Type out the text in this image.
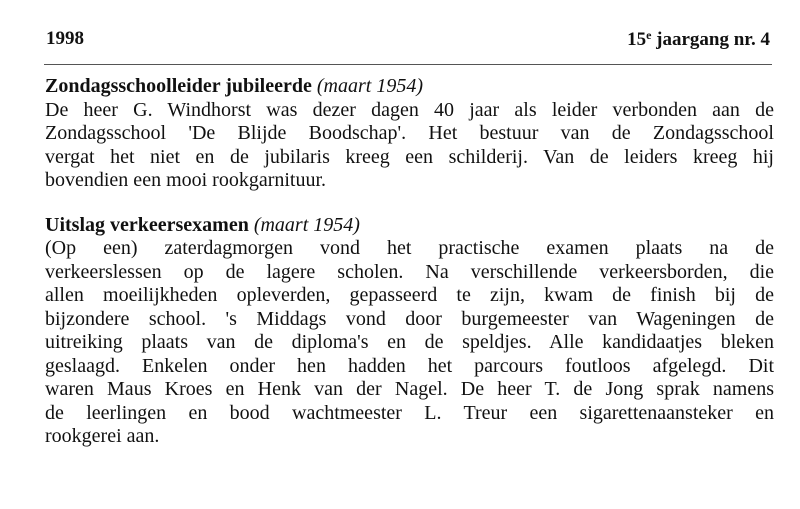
1998	15e jaargang nr. 4
Zondagsschoolleider jubileerde (maart 1954)
De heer G. Windhorst was dezer dagen 40 jaar als leider verbonden aan de
Zondagsschool 'De Blijde Boodschap'. Het bestuur van de Zondagsschool
vergat het niet en de jubilaris kreeg een schilderij. Van de leiders kreeg hij
bovendien een mooi rookgarnituur.
Uitslag verkeersexamen (maart 1954)
(Op een) zaterdagmorgen vond het practische examen plaats na de
verkeerslessen op de lagere scholen. Na verschillende verkeersborden, die
allen moeilijkheden opleverden, gepasseerd te zijn, kwam de finish bij de
bijzondere school. 's Middags vond door burgemeester van Wageningen de
uitreiking plaats van de diploma's en de speldjes. Alle kandidaatjes bleken
geslaagd. Enkelen onder hen hadden het parcours foutloos afgelegd. Dit
waren Maus Kroes en Henk van der Nagel. De heer T. de Jong sprak namens
de leerlingen en bood wachtmeester L. Treur een sigarettenaansteker en
rookgerei aan.
